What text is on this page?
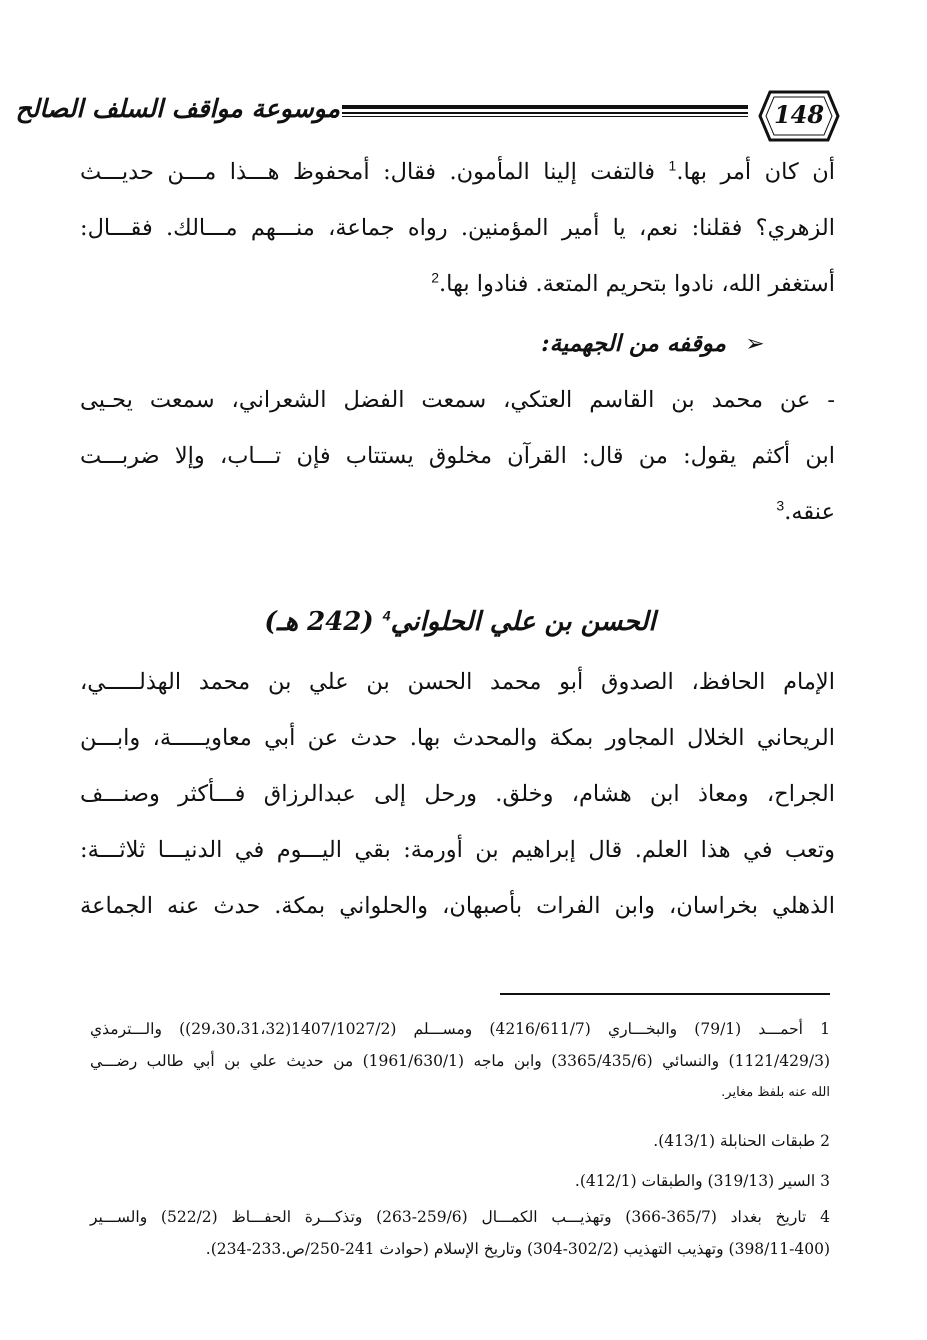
موسوعة مواقف السلف الصالح	148
أن كان أمر بها.$^1$ فالتفت إلينا المأمون. فقال: أمحفوظ هـــذا مـــن حديـــث
الزهري؟ فقلنا: نعم، يا أمير المؤمنين. رواه جماعة، منـــهم مـــالك. فقـــال:
أستغفر الله، نادوا بتحريم المتعة. فنادوا بها.$^2$
➢موقفه من الجهمية:
- عن محمد بن القاسم العتكي، سمعت الفضل الشعراني، سمعت يحـيى
ابن أكثم يقول: من قال: القرآن مخلوق يستتاب فإن تـــاب، وإلا ضربـــت
عنقه.$^3$
الحسن بن علي الحلواني$^4$ (242 هـ)
الإمام الحافظ، الصدوق أبو محمد الحسن بن علي بن محمد الهذلـــــي،
الريحاني الخلال المجاور بمكة والمحدث بها. حدث عن أبي معاويـــــة، وابـــن
الجراح، ومعاذ ابن هشام، وخلق. ورحل إلى عبدالرزاق فـــأكثر وصنـــف
وتعب في هذا العلم. قال إبراهيم بن أورمة: بقي اليـــوم في الدنيـــا ثلاثـــة:
الذهلي بخراسان، وابن الفرات بأصبهان، والحلواني بمكة. حدث عنه الجماعة
1 أحمـــد (79/1) والبخـــاري (4216/611/7) ومســـلم (1407/1027/2(29،30،31،32)) والـــترمذي
(1121/429/3) والنسائي (3365/435/6) وابن ماجه (1961/630/1) من حديث علي بن أبي طالب رضـــي
الله عنه بلفظ مغاير.
2 طبقات الحنابلة (413/1).
3 السير (319/13) والطبقات (412/1).
4 تاريخ بغداد (365/7-366) وتهذيـــب الكمـــال (259/6-263) وتذكـــرة الحفـــاظ (522/2) والســـير
(398/11-400) وتهذيب التهذيب (302/2-304) وتاريخ الإسلام (حوادث 241-250/ص.233-234).
